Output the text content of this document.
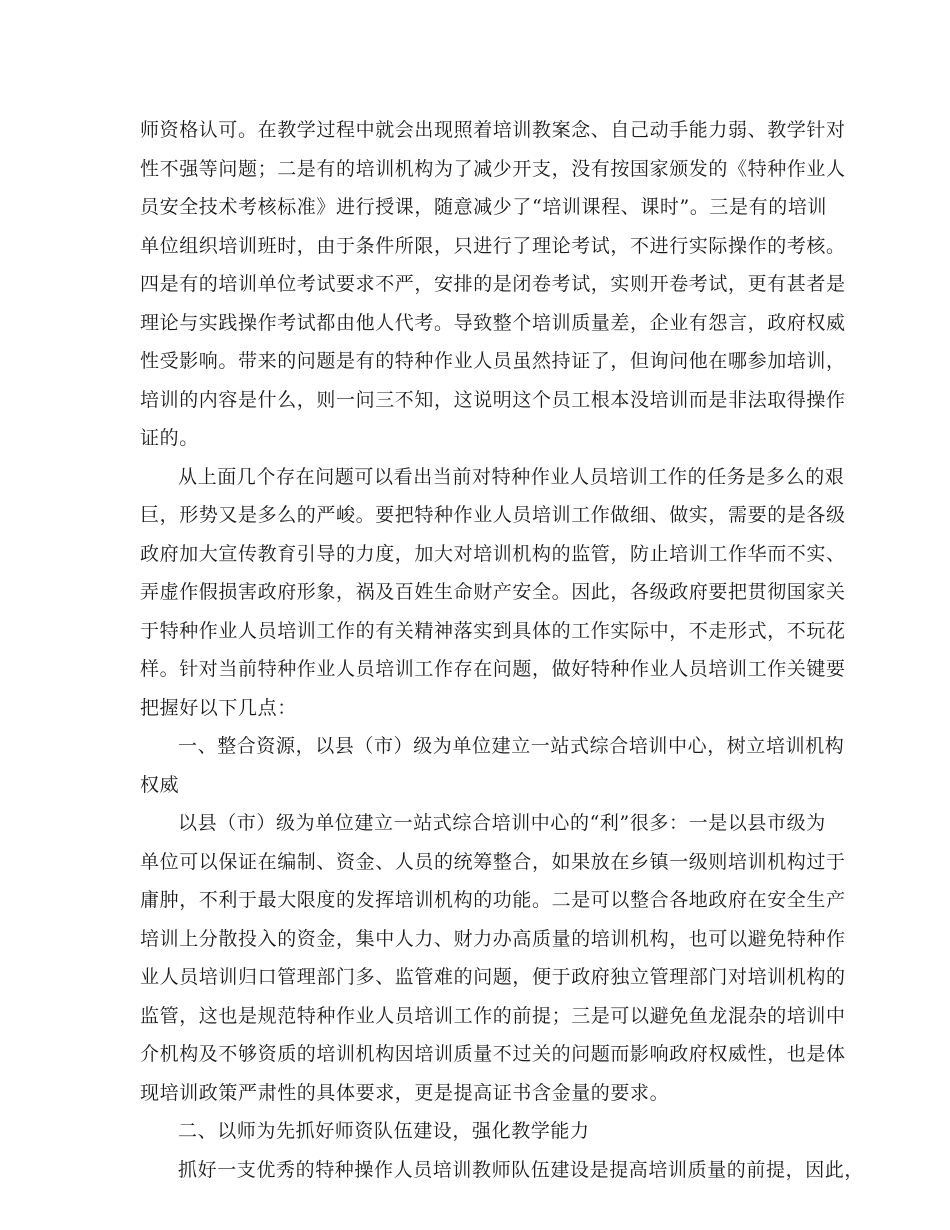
师资格认可。在教学过程中就会出现照着培训教案念、自己动手能力弱、教学针对
性不强等问题；二是有的培训机构为了减少开支，没有按国家颁发的《特种作业人
员安全技术考核标准》进行授课，随意减少了“培训课程、课时”。三是有的培训
单位组织培训班时，由于条件所限，只进行了理论考试，不进行实际操作的考核。
四是有的培训单位考试要求不严，安排的是闭卷考试，实则开卷考试，更有甚者是
理论与实践操作考试都由他人代考。导致整个培训质量差，企业有怨言，政府权威
性受影响。带来的问题是有的特种作业人员虽然持证了，但询问他在哪参加培训，
培训的内容是什么，则一问三不知，这说明这个员工根本没培训而是非法取得操作
证的。
从上面几个存在问题可以看出当前对特种作业人员培训工作的任务是多么的艰
巨，形势又是多么的严峻。要把特种作业人员培训工作做细、做实，需要的是各级
政府加大宣传教育引导的力度，加大对培训机构的监管，防止培训工作华而不实、
弄虚作假损害政府形象，祸及百姓生命财产安全。因此，各级政府要把贯彻国家关
于特种作业人员培训工作的有关精神落实到具体的工作实际中，不走形式，不玩花
样。针对当前特种作业人员培训工作存在问题，做好特种作业人员培训工作关键要
把握好以下几点：
一、整合资源，以县（市）级为单位建立一站式综合培训中心，树立培训机构
权威
以县（市）级为单位建立一站式综合培训中心的“利”很多：一是以县市级为
单位可以保证在编制、资金、人员的统筹整合，如果放在乡镇一级则培训机构过于
庸肿，不利于最大限度的发挥培训机构的功能。二是可以整合各地政府在安全生产
培训上分散投入的资金，集中人力、财力办高质量的培训机构，也可以避免特种作
业人员培训归口管理部门多、监管难的问题，便于政府独立管理部门对培训机构的
监管，这也是规范特种作业人员培训工作的前提；三是可以避免鱼龙混杂的培训中
介机构及不够资质的培训机构因培训质量不过关的问题而影响政府权威性，也是体
现培训政策严肃性的具体要求，更是提高证书含金量的要求。
二、以师为先抓好师资队伍建设，强化教学能力
抓好一支优秀的特种操作人员培训教师队伍建设是提高培训质量的前提，因此，
